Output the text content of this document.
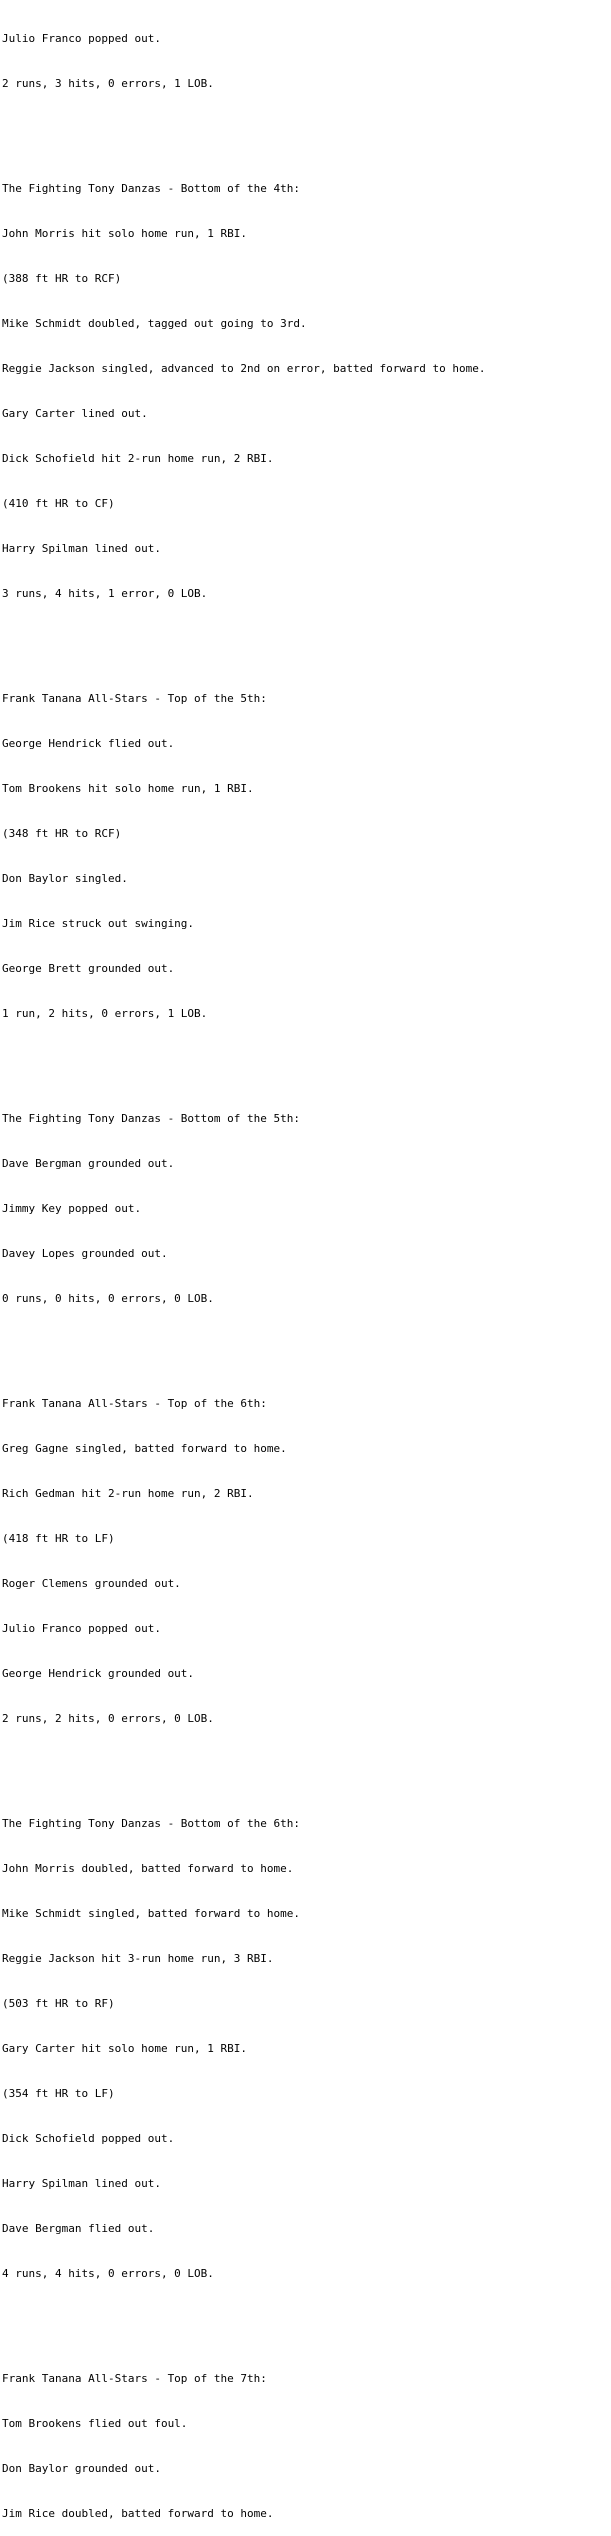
Julio Franco popped out.

2 runs, 3 hits, 0 errors, 1 LOB.

The Fighting Tony Danzas - Bottom of the 4th:

John Morris hit solo home run, 1 RBI.

(388 ft HR to RCF)

Mike Schmidt doubled, tagged out going to 3rd.

Reggie Jackson singled, advanced to 2nd on error, batted forward to home.

Gary Carter lined out.

Dick Schofield hit 2-run home run, 2 RBI.

(410 ft HR to CF)

Harry Spilman lined out.

3 runs, 4 hits, 1 error, 0 LOB.

Frank Tanana All-Stars - Top of the 5th:

George Hendrick flied out.

Tom Brookens hit solo home run, 1 RBI.

(348 ft HR to RCF)

Don Baylor singled.

Jim Rice struck out swinging.

George Brett grounded out.

1 run, 2 hits, 0 errors, 1 LOB.

The Fighting Tony Danzas - Bottom of the 5th:

Dave Bergman grounded out.

Jimmy Key popped out.

Davey Lopes grounded out.

0 runs, 0 hits, 0 errors, 0 LOB.

Frank Tanana All-Stars - Top of the 6th:

Greg Gagne singled, batted forward to home.

Rich Gedman hit 2-run home run, 2 RBI.

(418 ft HR to LF)

Roger Clemens grounded out.

Julio Franco popped out.

George Hendrick grounded out.

2 runs, 2 hits, 0 errors, 0 LOB.

The Fighting Tony Danzas - Bottom of the 6th:

John Morris doubled, batted forward to home.

Mike Schmidt singled, batted forward to home.

Reggie Jackson hit 3-run home run, 3 RBI.

(503 ft HR to RF)

Gary Carter hit solo home run, 1 RBI.

(354 ft HR to LF)

Dick Schofield popped out.

Harry Spilman lined out.

Dave Bergman flied out.

4 runs, 4 hits, 0 errors, 0 LOB.

Frank Tanana All-Stars - Top of the 7th:

Tom Brookens flied out foul.

Don Baylor grounded out.

Jim Rice doubled, batted forward to home.
